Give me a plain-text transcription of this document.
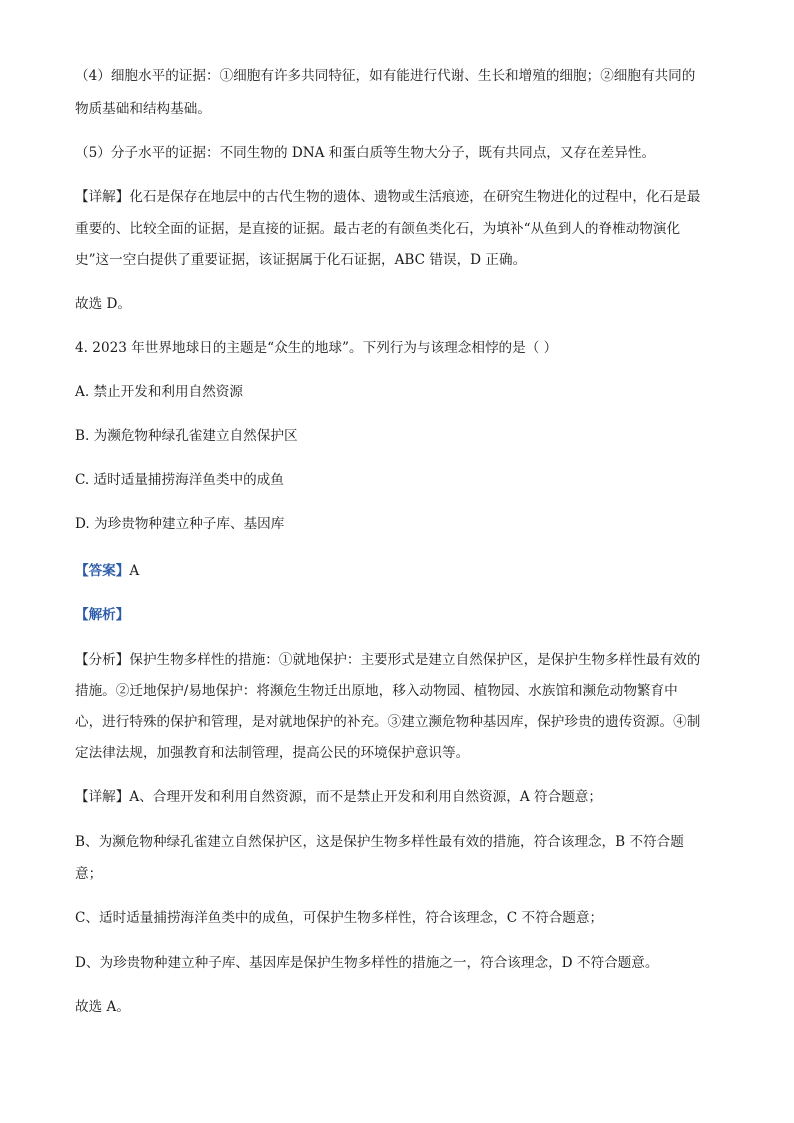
（4）细胞水平的证据：①细胞有许多共同特征，如有能进行代谢、生长和增殖的细胞；②细胞有共同的
物质基础和结构基础。
（5）分子水平的证据：不同生物的 DNA 和蛋白质等生物大分子，既有共同点，又存在差异性。
【详解】化石是保存在地层中的古代生物的遗体、遗物或生活痕迹，在研究生物进化的过程中，化石是最
重要的、比较全面的证据，是直接的证据。最古老的有颌鱼类化石，为填补“从鱼到人的脊椎动物演化
史”这一空白提供了重要证据，该证据属于化石证据，ABC 错误，D 正确。
故选 D。
4. 2023 年世界地球日的主题是“众生的地球”。下列行为与该理念相悖的是（ ）
A. 禁止开发和利用自然资源
B. 为濒危物种绿孔雀建立自然保护区
C. 适时适量捕捞海洋鱼类中的成鱼
D. 为珍贵物种建立种子库、基因库
【答案】A
【解析】
【分析】保护生物多样性的措施：①就地保护：主要形式是建立自然保护区，是保护生物多样性最有效的
措施。②迁地保护/易地保护：将濒危生物迁出原地，移入动物园、植物园、水族馆和濒危动物繁育中
心，进行特殊的保护和管理，是对就地保护的补充。③建立濒危物种基因库，保护珍贵的遗传资源。④制
定法律法规，加强教育和法制管理，提高公民的环境保护意识等。
【详解】A、合理开发和利用自然资源，而不是禁止开发和利用自然资源，A 符合题意；
B、为濒危物种绿孔雀建立自然保护区，这是保护生物多样性最有效的措施，符合该理念，B 不符合题
意；
C、适时适量捕捞海洋鱼类中的成鱼，可保护生物多样性，符合该理念，C 不符合题意；
D、为珍贵物种建立种子库、基因库是保护生物多样性的措施之一，符合该理念，D 不符合题意。
故选 A。
